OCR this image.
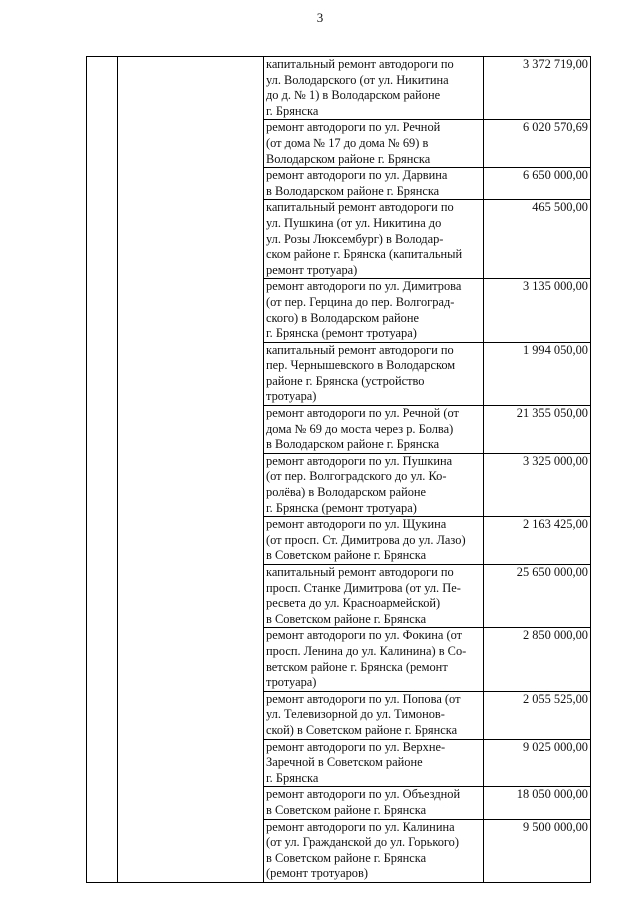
3

		капитальный ремонт автодороги по
ул. Володарского (от ул. Никитина
до д. № 1) в Володарском районе
г. Брянска	3 372 719,00

		ремонт автодороги по ул. Речной
(от дома № 17 до дома № 69) в
Володарском районе г. Брянска	6 020 570,69

		ремонт автодороги по ул. Дарвина
в Володарском районе г. Брянска	6 650 000,00

		капитальный ремонт автодороги по
ул. Пушкина (от ул. Никитина до
ул. Розы Люксембург) в Володар-
ском районе г. Брянска (капитальный
ремонт тротуара)	465 500,00

		ремонт автодороги по ул. Димитрова
(от пер. Герцина до пер. Волгоград-
ского) в Володарском районе
г. Брянска (ремонт тротуара)	3 135 000,00

		капитальный ремонт автодороги по
пер. Чернышевского в Володарском
районе г. Брянска (устройство
тротуара)	1 994 050,00

		ремонт автодороги по ул. Речной (от
дома № 69 до моста через р. Болва)
в Володарском районе г. Брянска	21 355 050,00

		ремонт автодороги по ул. Пушкина
(от пер. Волгоградского до ул. Ко-
ролёва) в Володарском районе
г. Брянска (ремонт тротуара)	3 325 000,00

		ремонт автодороги по ул. Щукина
(от просп. Ст. Димитрова до ул. Лазо)
в Советском районе г. Брянска	2 163 425,00

		капитальный ремонт автодороги по
просп. Станке Димитрова (от ул. Пе-
ресвета до ул. Красноармейской)
в Советском районе г. Брянска	25 650 000,00

		ремонт автодороги по ул. Фокина (от
просп. Ленина до ул. Калинина) в Со-
ветском районе г. Брянска (ремонт
тротуара)	2 850 000,00

		ремонт автодороги по ул. Попова (от
ул. Телевизорной до ул. Тимонов-
ской) в Советском районе г. Брянска	2 055 525,00

		ремонт автодороги по ул. Верхне-
Заречной в Советском районе
г. Брянска	9 025 000,00

		ремонт автодороги по ул. Объездной
в Советском районе г. Брянска	18 050 000,00

		ремонт автодороги по ул. Калинина
(от ул. Гражданской до ул. Горького)
в Советском районе г. Брянска
(ремонт тротуаров)	9 500 000,00
